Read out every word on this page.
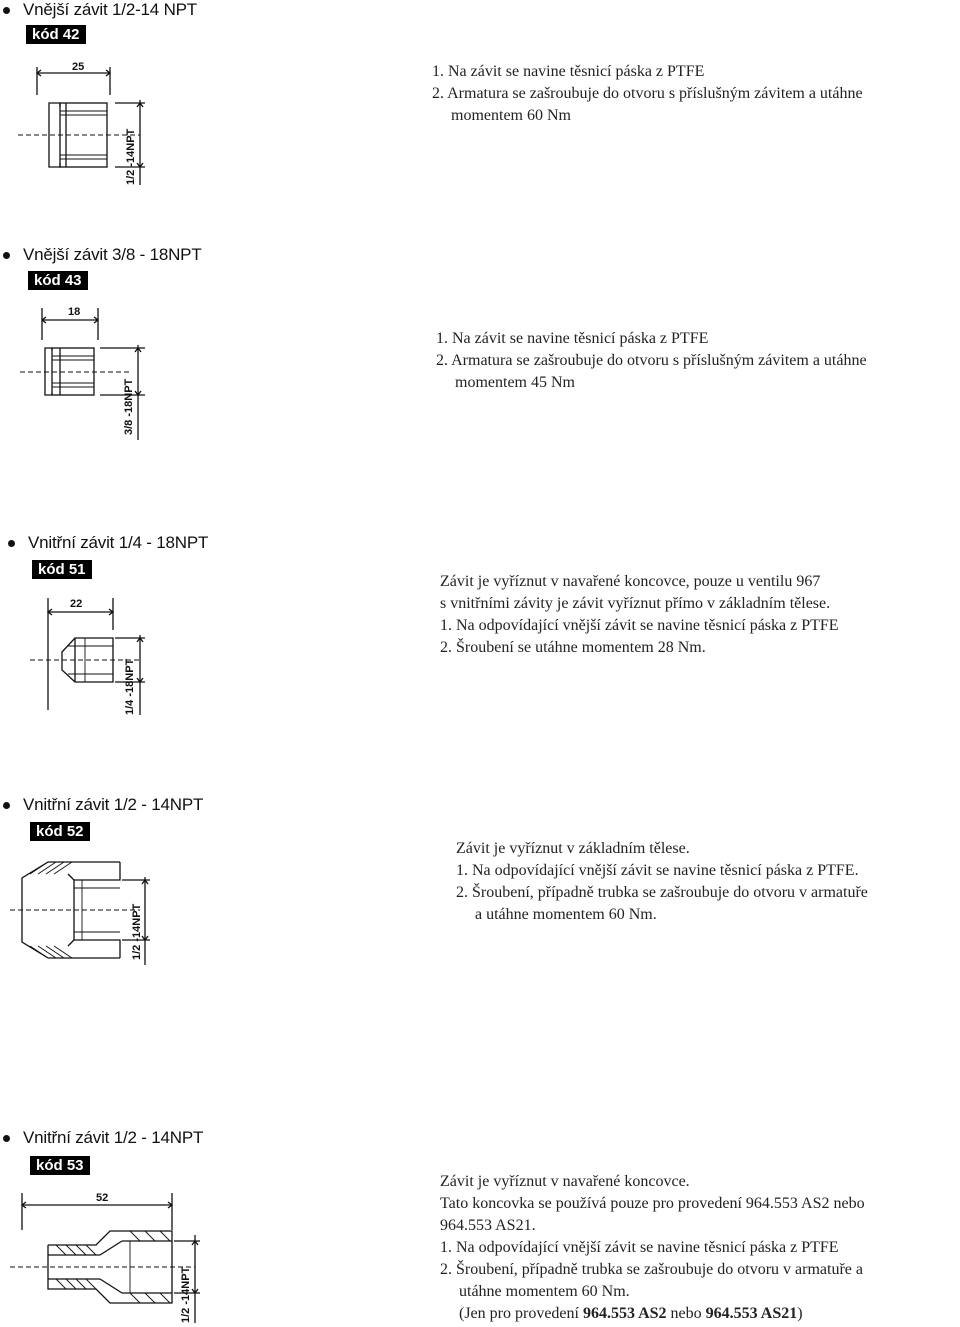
Vnější závit 1/2-14 NPT
kód 42
25
1/2 -14NPT
1. Na závit se navine těsnicí páska z PTFE
2. Armatura se zašroubuje do otvoru s příslušným závitem a utáhne
momentem 60 Nm
Vnější závit 3/8 - 18NPT
kód 43
18
3/8 -18NPT
1. Na závit se navine těsnicí páska z PTFE
2. Armatura se zašroubuje do otvoru s příslušným závitem a utáhne
momentem 45 Nm
Vnitřní závit 1/4 - 18NPT
kód 51
22
1/4 -18NPT
Závit je vyříznut v navařené koncovce, pouze u ventilu 967
s vnitřními závity je závit vyříznut přímo v základním tělese.
1. Na odpovídající vnější závit se navine těsnicí páska z PTFE
2. Šroubení se utáhne momentem 28 Nm.
Vnitřní závit 1/2 - 14NPT
kód 52
1/2 -14NPT
Závit je vyříznut v základním tělese.
1. Na odpovídající vnější závit se navine těsnicí páska z PTFE.
2. Šroubení, případně trubka se zašroubuje do otvoru v armatuře
a utáhne momentem 60 Nm.
Vnitřní závit 1/2 - 14NPT
kód 53
52
1/2 -14NPT
Závit je vyříznut v navařené koncovce.
Tato koncovka se používá pouze pro provedení 964.553 AS2 nebo
964.553 AS21.
1. Na odpovídající vnější závit se navine těsnicí páska z PTFE
2. Šroubení, případně trubka se zašroubuje do otvoru v armatuře a
utáhne momentem 60 Nm.
(Jen pro provedení 964.553 AS2 nebo 964.553 AS21)
